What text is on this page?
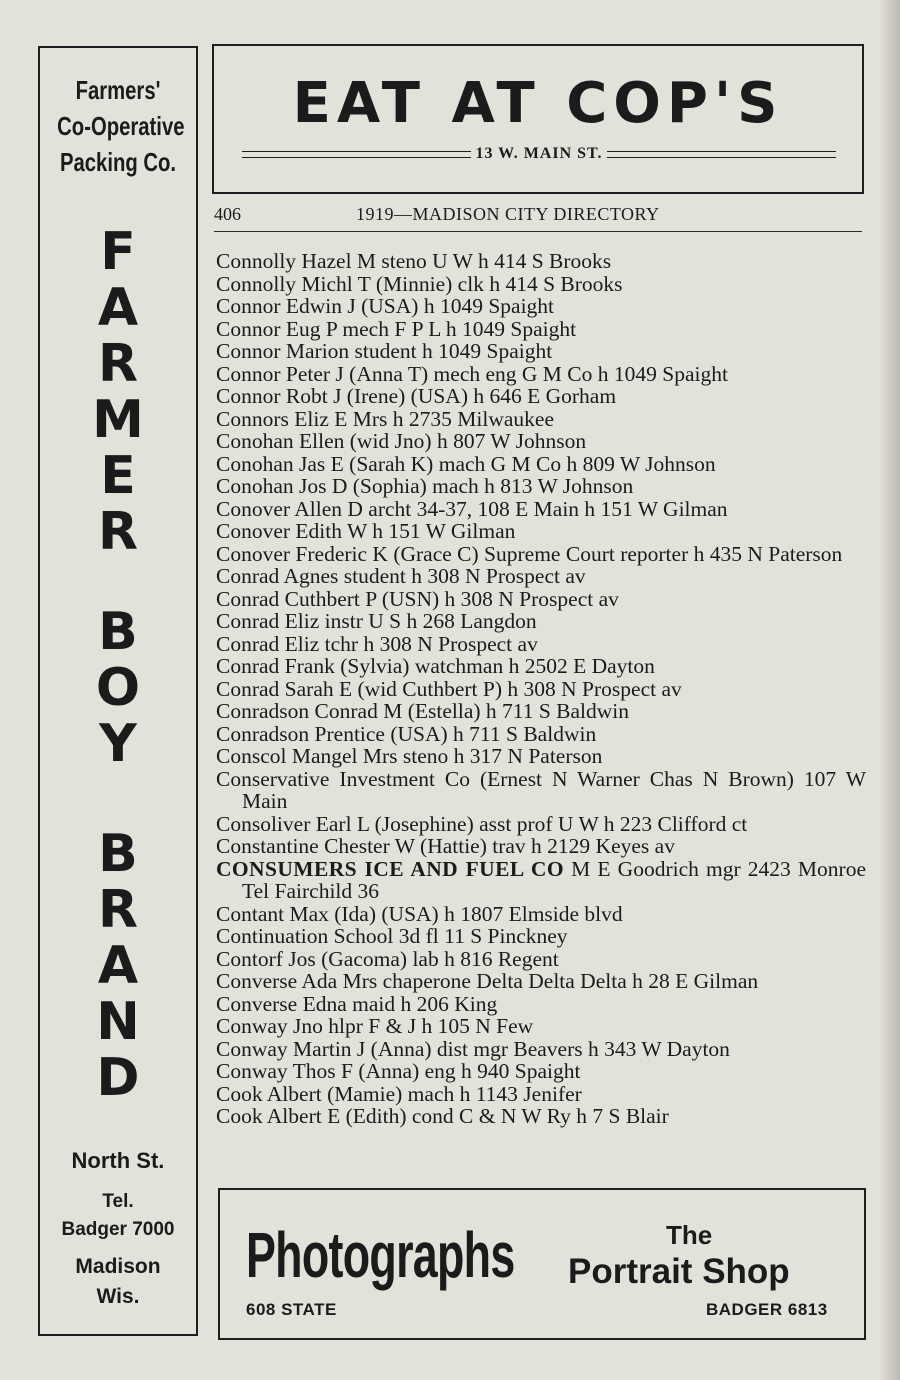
Farmers'
Co-Operative
Packing Co.
F
A
R
M
E
R
B
O
Y
B
R
A
N
D
North St.
Tel.
Badger 7000
Madison
Wis.
EAT AT COP'S
13 W. MAIN ST.
406	1919—MADISON CITY DIRECTORY
Connolly Hazel M steno U W h 414 S Brooks
Connolly Michl T (Minnie) clk h 414 S Brooks
Connor Edwin J (USA) h 1049 Spaight
Connor Eug P mech F P L h 1049 Spaight
Connor Marion student h 1049 Spaight
Connor Peter J (Anna T) mech eng G M Co h 1049 Spaight
Connor Robt J (Irene) (USA) h 646 E Gorham
Connors Eliz E Mrs h 2735 Milwaukee
Conohan Ellen (wid Jno) h 807 W Johnson
Conohan Jas E (Sarah K) mach G M Co h 809 W Johnson
Conohan Jos D (Sophia) mach h 813 W Johnson
Conover Allen D archt 34-37, 108 E Main h 151 W Gilman
Conover Edith W h 151 W Gilman
Conover Frederic K (Grace C) Supreme Court reporter h 435 N Paterson
Conrad Agnes student h 308 N Prospect av
Conrad Cuthbert P (USN) h 308 N Prospect av
Conrad Eliz instr U S h 268 Langdon
Conrad Eliz tchr h 308 N Prospect av
Conrad Frank (Sylvia) watchman h 2502 E Dayton
Conrad Sarah E (wid Cuthbert P) h 308 N Prospect av
Conradson Conrad M (Estella) h 711 S Baldwin
Conradson Prentice (USA) h 711 S Baldwin
Conscol Mangel Mrs steno h 317 N Paterson
Conservative Investment Co (Ernest N Warner Chas N Brown) 107 W Main
Consoliver Earl L (Josephine) asst prof U W h 223 Clifford ct
Constantine Chester W (Hattie) trav h 2129 Keyes av
CONSUMERS ICE AND FUEL CO M E Goodrich mgr 2423 Monroe Tel Fairchild 36
Contant Max (Ida) (USA) h 1807 Elmside blvd
Continuation School 3d fl 11 S Pinckney
Contorf Jos (Gacoma) lab h 816 Regent
Converse Ada Mrs chaperone Delta Delta Delta h 28 E Gilman
Converse Edna maid h 206 King
Conway Jno hlpr F & J h 105 N Few
Conway Martin J (Anna) dist mgr Beavers h 343 W Dayton
Conway Thos F (Anna) eng h 940 Spaight
Cook Albert (Mamie) mach h 1143 Jenifer
Cook Albert E (Edith) cond C & N W Ry h 7 S Blair
Photographs	The
Portrait Shop
608 STATE	BADGER 6813
